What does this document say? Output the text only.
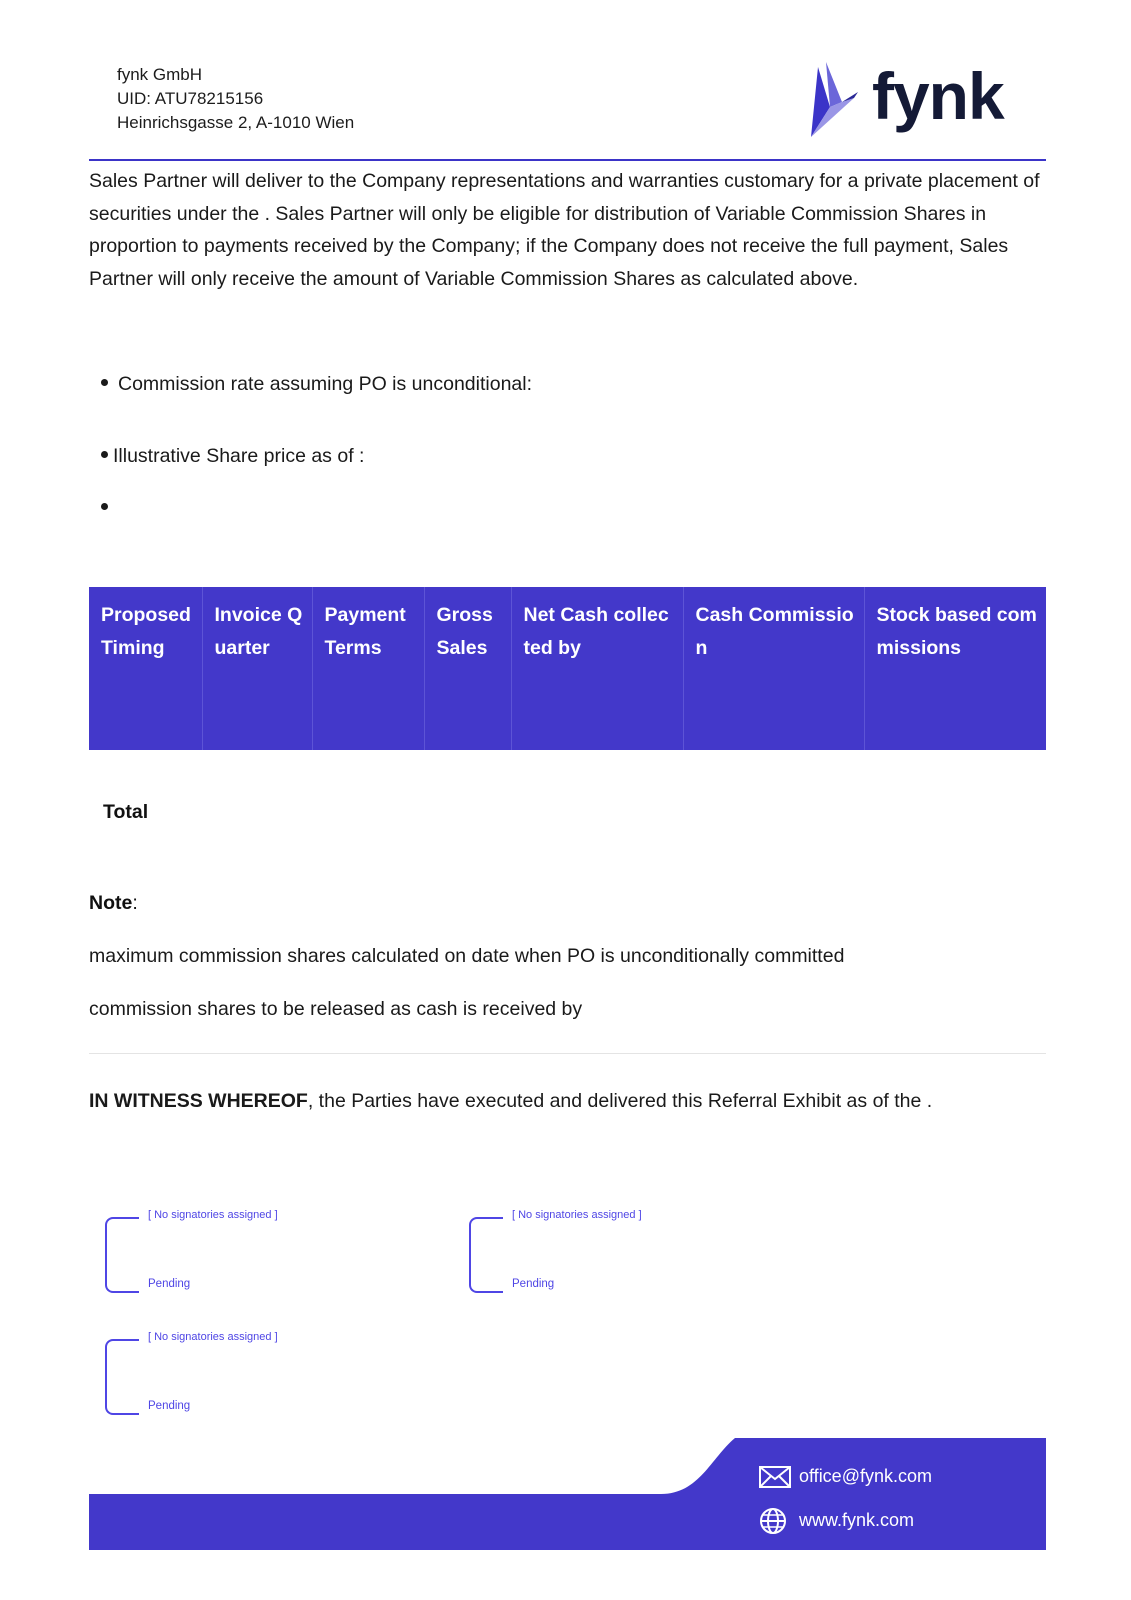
fynk GmbH
UID: ATU78215156
Heinrichsgasse 2, A-1010 Wien	fynk
Sales Partner will deliver to the Company representations and warranties customary for a private placement of securities under the . Sales Partner will only be eligible for distribution of Variable Commission Shares in proportion to payments received by the Company; if the Company does not receive the full payment, Sales Partner will only receive the amount of Variable Commission Shares as calculated above.
Commission rate assuming PO is unconditional:
Illustrative Share price as of :
Proposed Timing	Invoice Quarter	Payment Terms	Gross Sales	Net Cash collected by	Cash Commission	Stock based commissions
Total
Note:
maximum commission shares calculated on date when PO is unconditionally committed
commission shares to be released as cash is received by
IN WITNESS WHEREOF, the Parties have executed and delivered this Referral Exhibit as of the .
[ No signatories assigned ]
Pending
[ No signatories assigned ]
Pending
[ No signatories assigned ]
Pending
office@fynk.com
www.fynk.com
